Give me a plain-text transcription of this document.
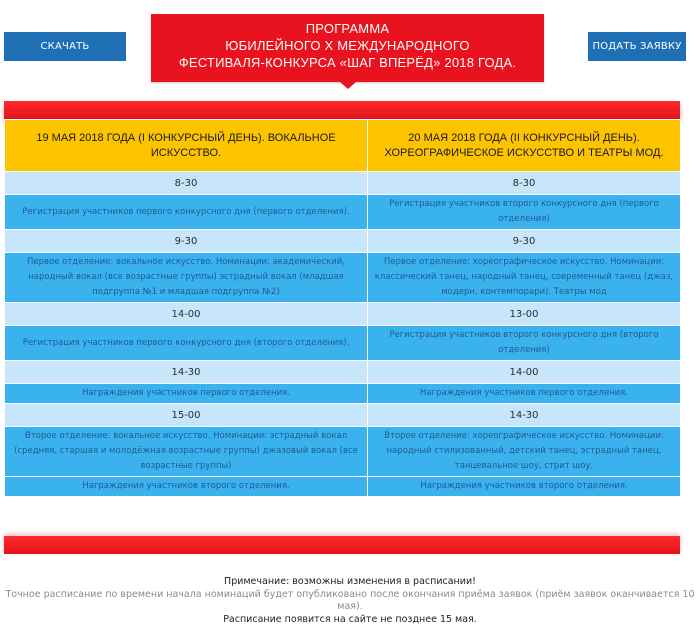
СКАЧАТЬ ПОЛОЖЕНИЕ
ПОДАТЬ ЗАЯВКУ
ПРОГРАММА
ЮБИЛЕЙНОГО X МЕЖДУНАРОДНОГО
ФЕСТИВАЛЯ-КОНКУРСА «ШАГ ВПЕРЁД» 2018 ГОДА.
19 МАЯ 2018 ГОДА (I КОНКУРСНЫЙ ДЕНЬ). ВОКАЛЬНОЕ ИСКУССТВО.	20 МАЯ 2018 ГОДА (II КОНКУРСНЫЙ ДЕНЬ). ХОРЕОГРАФИЧЕСКОЕ ИСКУССТВО И ТЕАТРЫ МОД.
8-30	8-30
Регистрация участников первого конкурсного дня (первого отделения).	Регистрация участников второго конкурсного дня (первого отделения)
9-30	9-30
Первое отделение: вокальное искусство. Номинации: академический, народный вокал (все возрастные группы) эстрадный вокал (младшая подгруппа №1 и младшая подгруппа №2)	Первое отделение: хореографическое искусство. Номинации: классический танец, народный танец, современный танец (джаз, модерн, контемпорари). Театры мод
14-00	13-00
Регистрация участников первого конкурсного дня (второго отделения).	Регистрация участников второго конкурсного дня (второго отделения)
14-30	14-00
Награждения участников первого отделения.	Награждения участников первого отделения.
15-00	14-30
Второе отделение: вокальное искусство. Номинации: эстрадный вокал (средняя, старшая и молодёжная возрастные группы) джазовый вокал (все возрастные группы)	Второе отделение: хореографическое искусство. Номинации: народный стилизованный, детский танец, эстрадный танец, танцевальное шоу, стрит шоу.
Награждения участников второго отделения.	Награждения участников второго отделения.
Примечание: возможны изменения в расписании!
Точное расписание по времени начала номинаций будет опубликовано после окончания приёма заявок (приём заявок оканчивается 10 мая).
Расписание появится на сайте не позднее 15 мая.
